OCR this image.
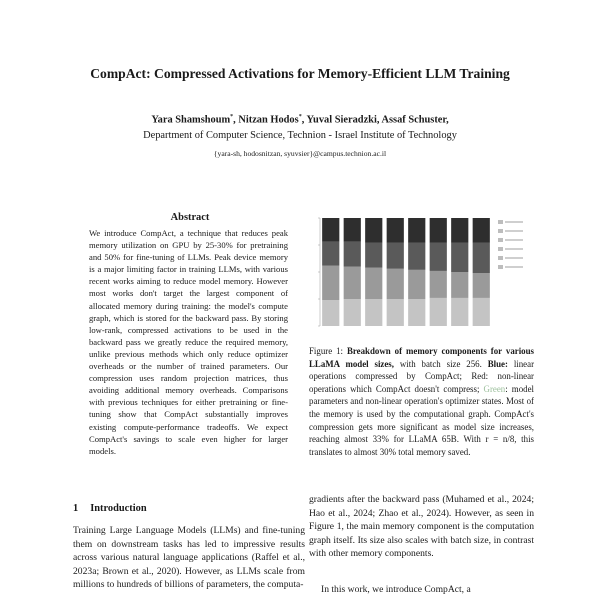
CompAct: Compressed Activations for Memory-Efficient LLM Training
Yara Shamshoum*, Nitzan Hodos*, Yuval Sieradzki, Assaf Schuster,
Department of Computer Science, Technion - Israel Institute of Technology
{yara-sh, hodosnitzan, syuvsier}@campus.technion.ac.il
Abstract
We introduce CompAct, a technique that reduces peak memory utilization on GPU by 25-30% for pretraining and 50% for fine-tuning of LLMs. Peak device memory is a major limiting factor in training LLMs, with various recent works aiming to reduce model memory. However most works don't target the largest component of allocated memory during training: the model's compute graph, which is stored for the backward pass. By storing low-rank, compressed activations to be used in the backward pass we greatly reduce the required memory, unlike previous methods which only reduce optimizer overheads or the number of trained parameters. Our compression uses random projection matrices, thus avoiding additional memory overheads. Comparisons with previous techniques for either pretraining or fine-tuning show that CompAct substantially improves existing compute-performance tradeoffs. We expect CompAct's savings to scale even higher for larger models.
1 Introduction
Training Large Language Models (LLMs) and fine-tuning them on downstream tasks has led to impressive results across various natural language applications (Raffel et al., 2023a; Brown et al., 2020). However, as LLMs scale from millions to hundreds of billions of parameters, the computa-
Figure 1: Breakdown of memory components for various LLaMA model sizes, with batch size 256. Blue: linear operations compressed by CompAct; Red: non-linear operations which CompAct doesn't compress; Green: model parameters and non-linear operation's optimizer states. Most of the memory is used by the computational graph. CompAct's compression gets more significant as model size increases, reaching almost 33% for LLaMA 65B. With r = n/8, this translates to almost 30% total memory saved.
gradients after the backward pass (Muhamed et al., 2024; Hao et al., 2024; Zhao et al., 2024). However, as seen in Figure 1, the main memory component is the computation graph itself. Its size also scales with batch size, in contrast with other memory components.
In this work, we introduce CompAct, a
